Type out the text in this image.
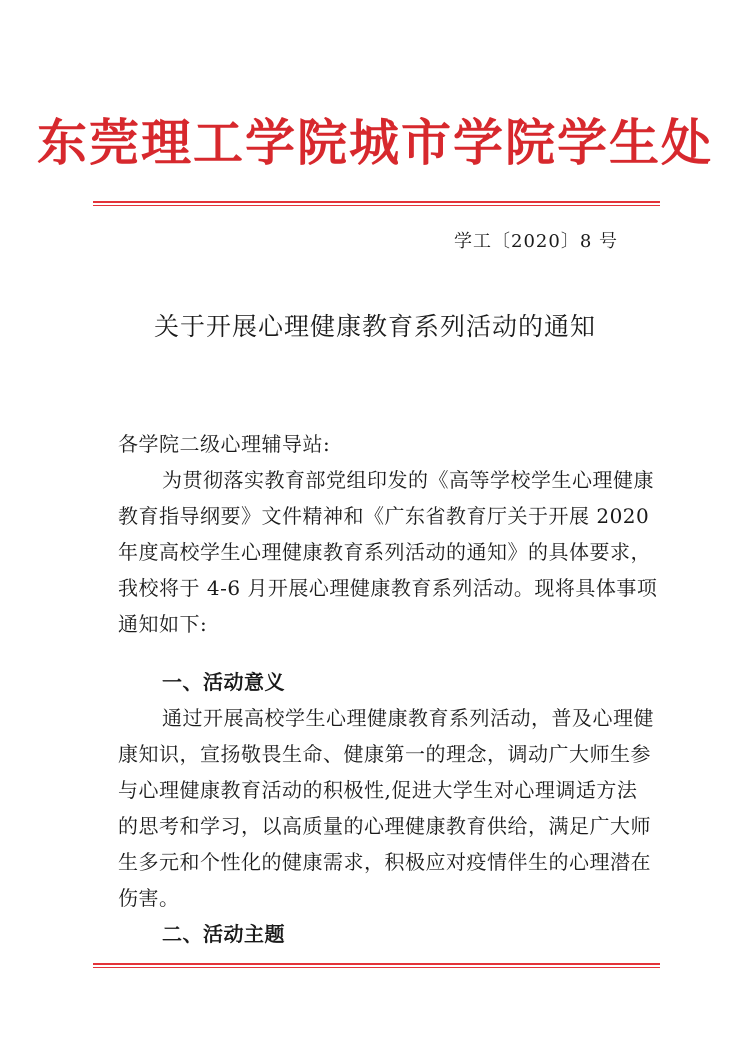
东莞理工学院城市学院学生处
学工〔2020〕8 号
关于开展心理健康教育系列活动的通知
各学院二级心理辅导站:
为贯彻落实教育部党组印发的《高等学校学生心理健康
教育指导纲要》文件精神和《广东省教育厅关于开展 2020
年度高校学生心理健康教育系列活动的通知》的具体要求，
我校将于 4-6 月开展心理健康教育系列活动。现将具体事项
通知如下:
一、活动意义
通过开展高校学生心理健康教育系列活动，普及心理健
康知识，宣扬敬畏生命、健康第一的理念，调动广大师生参
与心理健康教育活动的积极性,促进大学生对心理调适方法
的思考和学习，以高质量的心理健康教育供给，满足广大师
生多元和个性化的健康需求，积极应对疫情伴生的心理潜在
伤害。
二、活动主题
